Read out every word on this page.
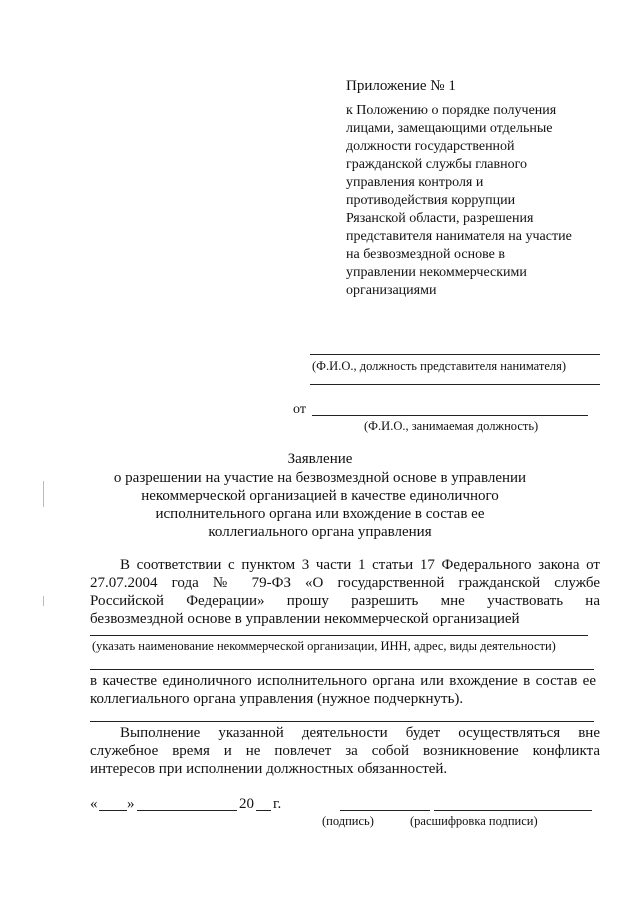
Приложение № 1
к Положению о порядке получения
лицами, замещающими отдельные
должности государственной
гражданской службы главного
управления контроля и
противодействия коррупции
Рязанской области, разрешения
представителя нанимателя на участие
на безвозмездной основе в
управлении некоммерческими
организациями
(Ф.И.О., должность представителя нанимателя)
от
(Ф.И.О., занимаемая должность)
Заявление
о разрешении на участие на безвозмездной основе в управлении
некоммерческой организацией в качестве единоличного
исполнительного органа или вхождение в состав ее
коллегиального органа управления
В соответствии с пунктом 3 части 1 статьи 17 Федерального закона от
27.07.2004 года № 79-ФЗ «О государственной гражданской службе
Российской Федерации» прошу разрешить мне участвовать на
безвозмездной основе в управлении некоммерческой организацией
(указать наименование некоммерческой организации, ИНН, адрес, виды деятельности)
в качестве единоличного исполнительного органа или вхождение в состав ее
коллегиального органа управления (нужное подчеркнуть).
Выполнение указанной деятельности будет осуществляться вне
служебное время и не повлечет за собой возникновение конфликта
интересов при исполнении должностных обязанностей.
« »	20 г.
(подпись)	(расшифровка подписи)
